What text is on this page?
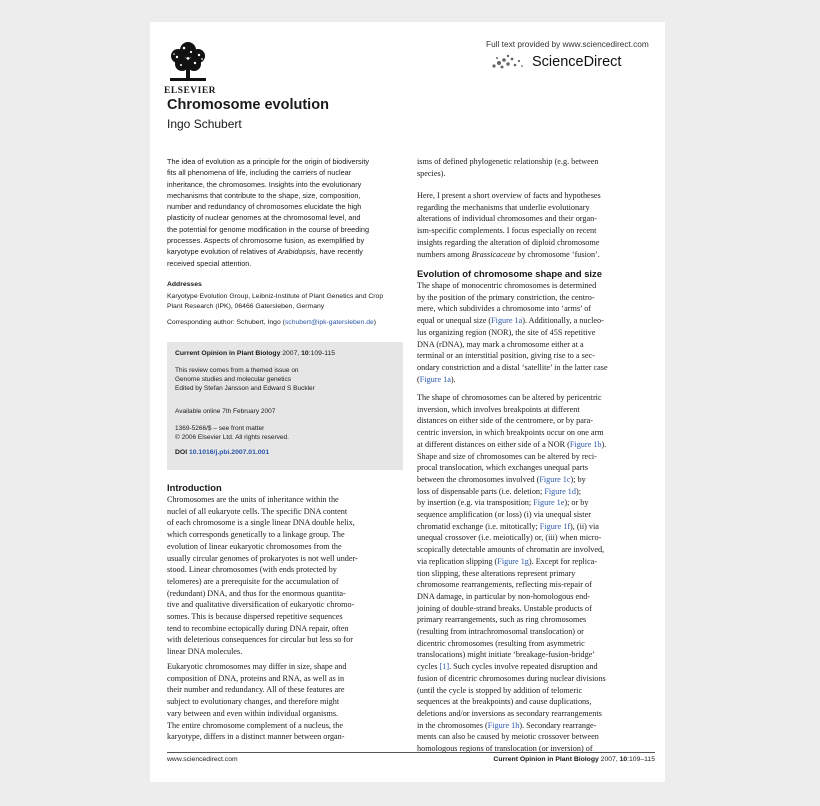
ELSEVIER
Full text provided by www.sciencedirect.com
ScienceDirect
Chromosome evolution
Ingo Schubert
The idea of evolution as a principle for the origin of biodiversity
fits all phenomena of life, including the carriers of nuclear
inheritance, the chromosomes. Insights into the evolutionary
mechanisms that contribute to the shape, size, composition,
number and redundancy of chromosomes elucidate the high
plasticity of nuclear genomes at the chromosomal level, and
the potential for genome modification in the course of breeding
processes. Aspects of chromosome fusion, as exemplified by
karyotype evolution of relatives of Arabidopsis, have recently
received special attention.
Addresses
Karyotype Evolution Group, Leibniz-Institute of Plant Genetics and Crop
Plant Research (IPK), 06466 Gatersleben, Germany
Corresponding author: Schubert, Ingo (schubert@ipk-gatersleben.de)
Current Opinion in Plant Biology 2007, 10:109-115
This review comes from a themed issue on
Genome studies and molecular genetics
Edited by Stefan Jansson and Edward S Buckler
Available online 7th February 2007
1369-5266/$ – see front matter
© 2006 Elsevier Ltd. All rights reserved.
DOI 10.1016/j.pbi.2007.01.001
Introduction
Chromosomes are the units of inheritance within the
nuclei of all eukaryote cells. The specific DNA content
of each chromosome is a single linear DNA double helix,
which corresponds genetically to a linkage group. The
evolution of linear eukaryotic chromosomes from the
usually circular genomes of prokaryotes is not well under-
stood. Linear chromosomes (with ends protected by
telomeres) are a prerequisite for the accumulation of
(redundant) DNA, and thus for the enormous quantita-
tive and qualitative diversification of eukaryotic chromo-
somes. This is because dispersed repetitive sequences
tend to recombine ectopically during DNA repair, often
with deleterious consequences for circular but less so for
linear DNA molecules.
Eukaryotic chromosomes may differ in size, shape and
composition of DNA, proteins and RNA, as well as in
their number and redundancy. All of these features are
subject to evolutionary changes, and therefore might
vary between and even within individual organisms.
The entire chromosome complement of a nucleus, the
karyotype, differs in a distinct manner between organ-
isms of defined phylogenetic relationship (e.g. between
species).
Here, I present a short overview of facts and hypotheses
regarding the mechanisms that underlie evolutionary
alterations of individual chromosomes and their organ-
ism-specific complements. I focus especially on recent
insights regarding the alteration of diploid chromosome
numbers among Brassicaceae by chromosome ‘fusion’.
Evolution of chromosome shape and size
The shape of monocentric chromosomes is determined
by the position of the primary constriction, the centro-
mere, which subdivides a chromosome into ‘arms’ of
equal or unequal size (Figure 1a). Additionally, a nucleo-
lus organizing region (NOR), the site of 45S repetitive
DNA (rDNA), may mark a chromosome either at a
terminal or an interstitial position, giving rise to a sec-
ondary constriction and a distal ‘satellite’ in the latter case
(Figure 1a).
The shape of chromosomes can be altered by pericentric
inversion, which involves breakpoints at different
distances on either side of the centromere, or by para-
centric inversion, in which breakpoints occur on one arm
at different distances on either side of a NOR (Figure 1b).
Shape and size of chromosomes can be altered by reci-
procal translocation, which exchanges unequal parts
between the chromosomes involved (Figure 1c); by
loss of dispensable parts (i.e. deletion; Figure 1d);
by insertion (e.g. via transposition; Figure 1e); or by
sequence amplification (or loss) (i) via unequal sister
chromatid exchange (i.e. mitotically; Figure 1f), (ii) via
unequal crossover (i.e. meiotically) or, (iii) when micro-
scopically detectable amounts of chromatin are involved,
via replication slipping (Figure 1g). Except for replica-
tion slipping, these alterations represent primary
chromosome rearrangements, reflecting mis-repair of
DNA damage, in particular by non-homologous end-
joining of double-strand breaks. Unstable products of
primary rearrangements, such as ring chromosomes
(resulting from intrachromosomal translocation) or
dicentric chromosomes (resulting from asymmetric
translocations) might initiate ‘breakage-fusion-bridge’
cycles [1]. Such cycles involve repeated disruption and
fusion of dicentric chromosomes during nuclear divisions
(until the cycle is stopped by addition of telomeric
sequences at the breakpoints) and cause duplications,
deletions and/or inversions as secondary rearrangements
in the chromosomes (Figure 1h). Secondary rearrange-
ments can also be caused by meiotic crossover between
homologous regions of translocation (or inversion) of
www.sciencedirect.com	Current Opinion in Plant Biology 2007, 10:109–115
